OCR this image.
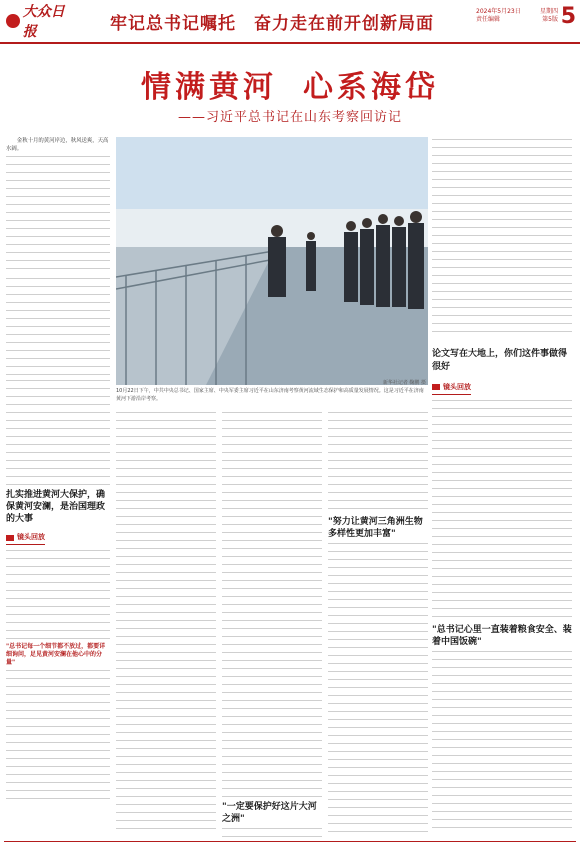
大众日报	牢记总书记嘱托　奋力走在前开创新局面
2024年5月23日	星期四
责任编辑	第5版 5
情满黄河 心系海岱
——习近平总书记在山东考察回访记

金秋十月的黄河岸边，秋风送爽，天高水阔。

扎实推进黄河大保护，确保黄河安澜，是治国理政的大事
镜头回放
"总书记每一个细节都不放过，都要详细询问，足见黄河安澜在他心中的分量"
新华社记者 鞠鹏 摄
10月22日下午，中共中央总书记、国家主席、中央军委主席习近平在山东济南考察黄河流域生态保护和高质量发展情况。这是习近平在济南黄河下游沿岸考察。
"一定要保护好这片大河之洲"
"努力让黄河三角洲生物多样性更加丰富"
论文写在大地上，你们这件事做得很好
镜头回放
"总书记心里一直装着粮食安全、装着中国饭碗"
